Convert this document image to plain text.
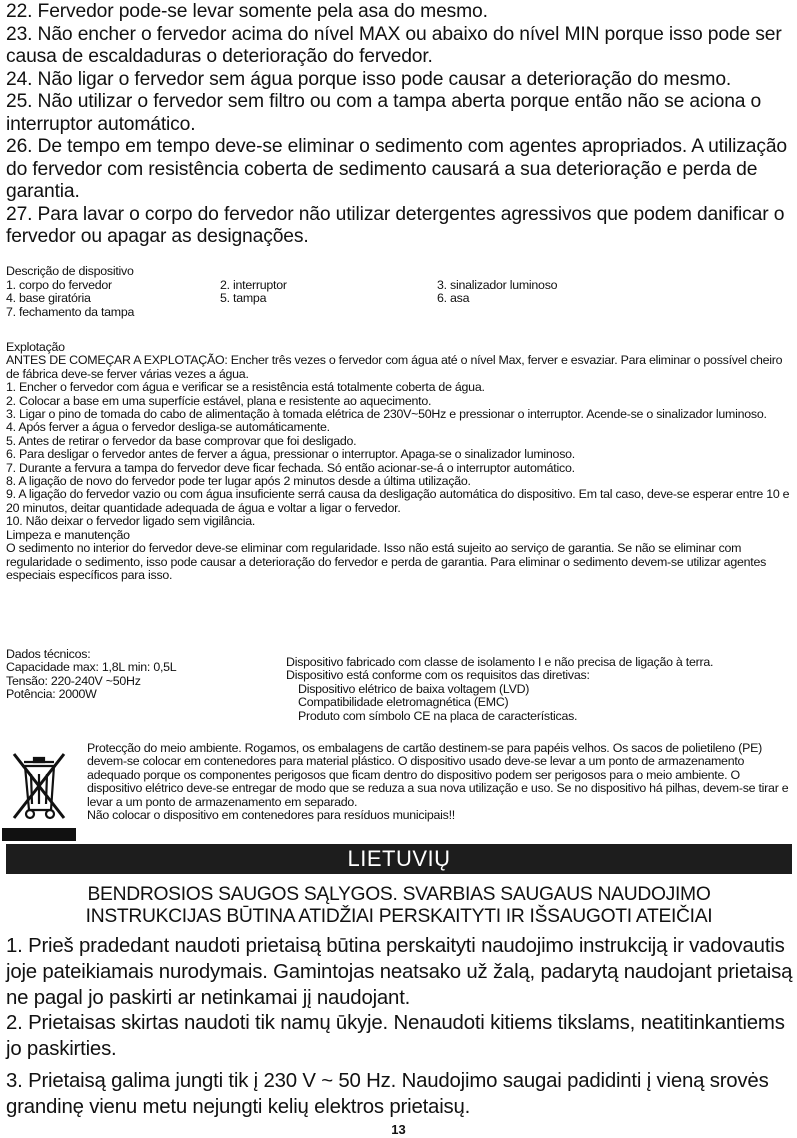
22. Fervedor pode-se levar somente pela asa do mesmo.

23. Não encher o fervedor acima do nível MAX ou abaixo do nível MIN porque isso pode ser causa de escaldaduras o deterioração do fervedor.

24. Não ligar o fervedor sem água porque isso pode causar a deterioração do mesmo.

25. Não utilizar o fervedor sem filtro ou com a tampa aberta porque então não se aciona o interruptor automático.

26. De tempo em tempo deve-se eliminar o sedimento com agentes apropriados. A utilização do fervedor com resistência coberta de sedimento causará a sua deterioração e perda de garantia.

27. Para lavar o corpo do fervedor não utilizar detergentes agressivos que podem danificar o fervedor ou apagar as designações.

Descrição de dispositivo

1. corpo do fervedor

4. base giratória

7. fechamento da tampa

2. interruptor

5. tampa

3. sinalizador luminoso

6. asa

Explotação

ANTES DE COMEÇAR A EXPLOTAÇÃO: Encher três vezes o fervedor com água até o nível Max, ferver e esvaziar. Para eliminar o possível cheiro de fábrica deve-se ferver várias vezes a água.

1. Encher o fervedor com água e verificar se a resistência está totalmente coberta de água.

2. Colocar a base em uma superfície estável, plana e resistente ao aquecimento.

3. Ligar o pino de tomada do cabo de alimentação à tomada elétrica de 230V~50Hz e pressionar o interruptor. Acende-se o sinalizador luminoso.

4. Após ferver a água o fervedor desliga-se automáticamente.

5. Antes de retirar o fervedor da base comprovar que foi desligado.

6. Para desligar o fervedor antes de ferver a água, pressionar o interruptor. Apaga-se o sinalizador luminoso.

7. Durante a fervura a tampa do fervedor deve ficar fechada. Só então acionar-se-á o interruptor automático.

8. A ligação de novo do fervedor pode ter lugar após 2 minutos desde a última utilização.

9. A ligação do fervedor vazio ou com água insuficiente serrá causa da desligação automática do dispositivo. Em tal caso, deve-se esperar entre 10 e 20 minutos, deitar quantidade adequada de água e voltar a ligar o fervedor.

10. Não deixar o fervedor ligado sem vigilância.

Limpeza e manutenção

O sedimento no interior do fervedor deve-se eliminar com regularidade. Isso não está sujeito ao serviço de garantia. Se não se eliminar com regularidade o sedimento, isso pode causar a deterioração do fervedor e perda de garantia. Para eliminar o sedimento devem-se utilizar agentes especiais específicos para isso.

Dados técnicos:

Capacidade max: 1,8L min: 0,5L

Tensão: 220-240V ~50Hz

Potência: 2000W

Dispositivo fabricado com classe de isolamento I e não precisa de ligação à terra.

Dispositivo está conforme com os requisitos das diretivas:

Dispositivo elétrico de baixa voltagem (LVD)

Compatibilidade eletromagnética (EMC)

Produto com símbolo CE na placa de características.

Protecção do meio ambiente. Rogamos, os embalagens de cartão destinem-se para papéis velhos. Os sacos de polietileno (PE) devem-se colocar em contenedores para material plástico. O dispositivo usado deve-se levar a um ponto de armazenamento adequado porque os componentes perigosos que ficam dentro do dispositivo podem ser perigosos para o meio ambiente. O dispositivo elétrico deve-se entregar de modo que se reduza a sua nova utilização e uso. Se no dispositivo há pilhas, devem-se tirar e levar a um ponto de armazenamento em separado.

Não colocar o dispositivo em contenedores para resíduos municipais!!

LIETUVIŲ

BENDROSIOS SAUGOS SĄLYGOS. SVARBIAS SAUGAUS NAUDOJIMO

INSTRUKCIJAS BŪTINA ATIDŽIAI PERSKAITYTI IR IŠSAUGOTI ATEIČIAI

1. Prieš pradedant naudoti prietaisą būtina perskaityti naudojimo instrukciją ir vadovautis joje pateikiamais nurodymais. Gamintojas neatsako už žalą, padarytą naudojant prietaisą ne pagal jo paskirti ar netinkamai jį naudojant.

2. Prietaisas skirtas naudoti tik namų ūkyje. Nenaudoti kitiems tikslams, neatitinkantiems jo paskirties.

3. Prietaisą galima jungti tik į 230 V ~ 50 Hz. Naudojimo saugai padidinti į vieną srovės grandinę vienu metu nejungti kelių elektros prietaisų.

13
